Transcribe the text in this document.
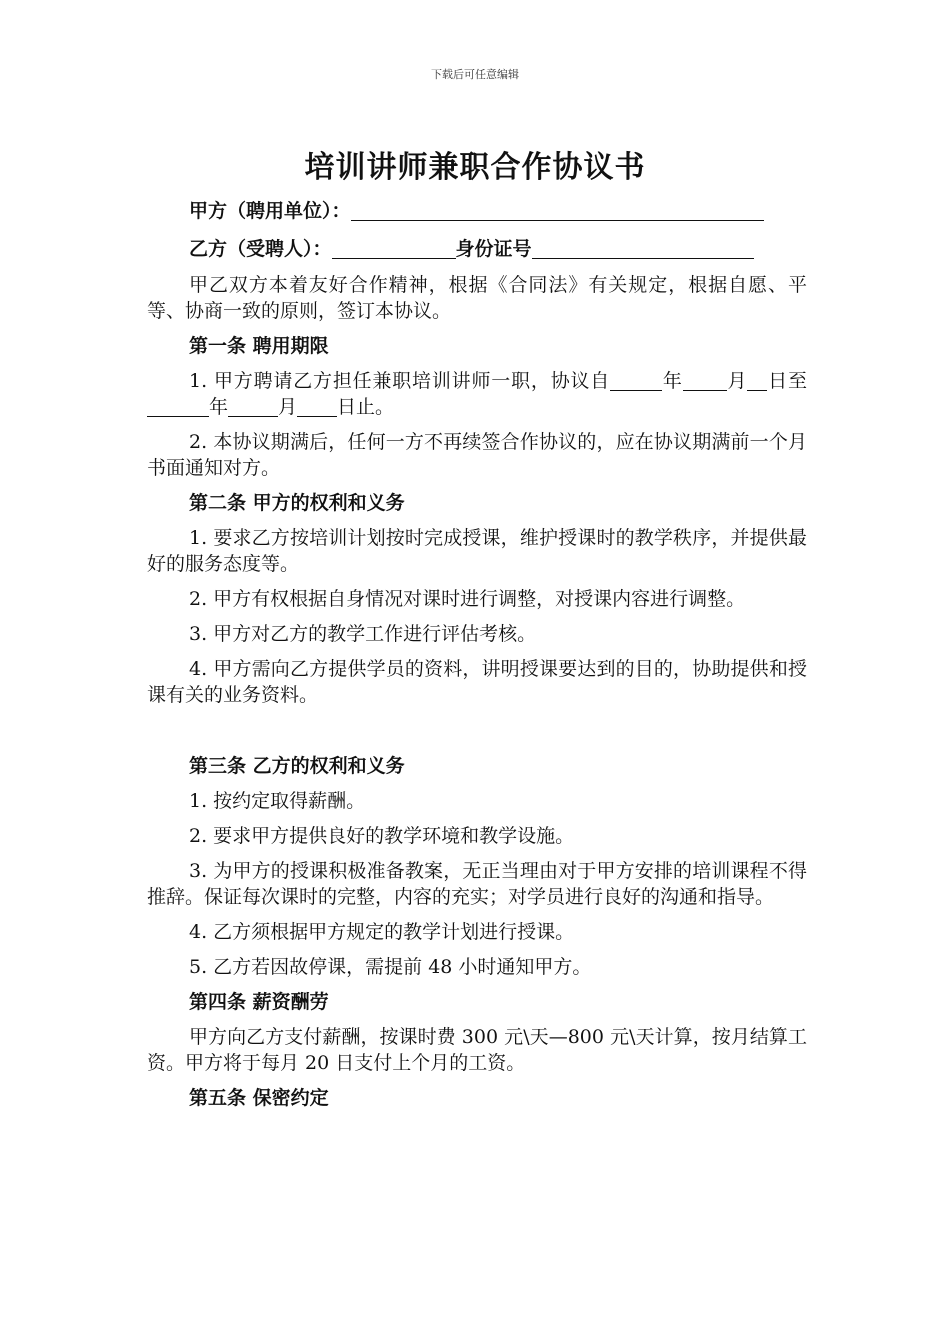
下载后可任意编辑
培训讲师兼职合作协议书
甲方（聘用单位）：
乙方（受聘人）：	身份证号

甲乙双方本着友好合作精神，根据《合同法》有关规定，根据自愿、平等、协商一致的原则，签订本协议。

第一条 聘用期限

1. 甲方聘请乙方担任兼职培训讲师一职，协议自	年 月 日至年	月 日止。

2. 本协议期满后，任何一方不再续签合作协议的，应在协议期满前一个月书面通知对方。

第二条 甲方的权利和义务

1. 要求乙方按培训计划按时完成授课，维护授课时的教学秩序，并提供最好的服务态度等。

2. 甲方有权根据自身情况对课时进行调整，对授课内容进行调整。

3. 甲方对乙方的教学工作进行评估考核。

4. 甲方需向乙方提供学员的资料，讲明授课要达到的目的，协助提供和授课有关的业务资料。

第三条 乙方的权利和义务

1. 按约定取得薪酬。

2. 要求甲方提供良好的教学环境和教学设施。

3. 为甲方的授课积极准备教案，无正当理由对于甲方安排的培训课程不得推辞。保证每次课时的完整，内容的充实；对学员进行良好的沟通和指导。

4. 乙方须根据甲方规定的教学计划进行授课。

5. 乙方若因故停课，需提前 48 小时通知甲方。

第四条 薪资酬劳

甲方向乙方支付薪酬，按课时费 300 元\天—800 元\天计算，按月结算工资。甲方将于每月 20 日支付上个月的工资。

第五条 保密约定
